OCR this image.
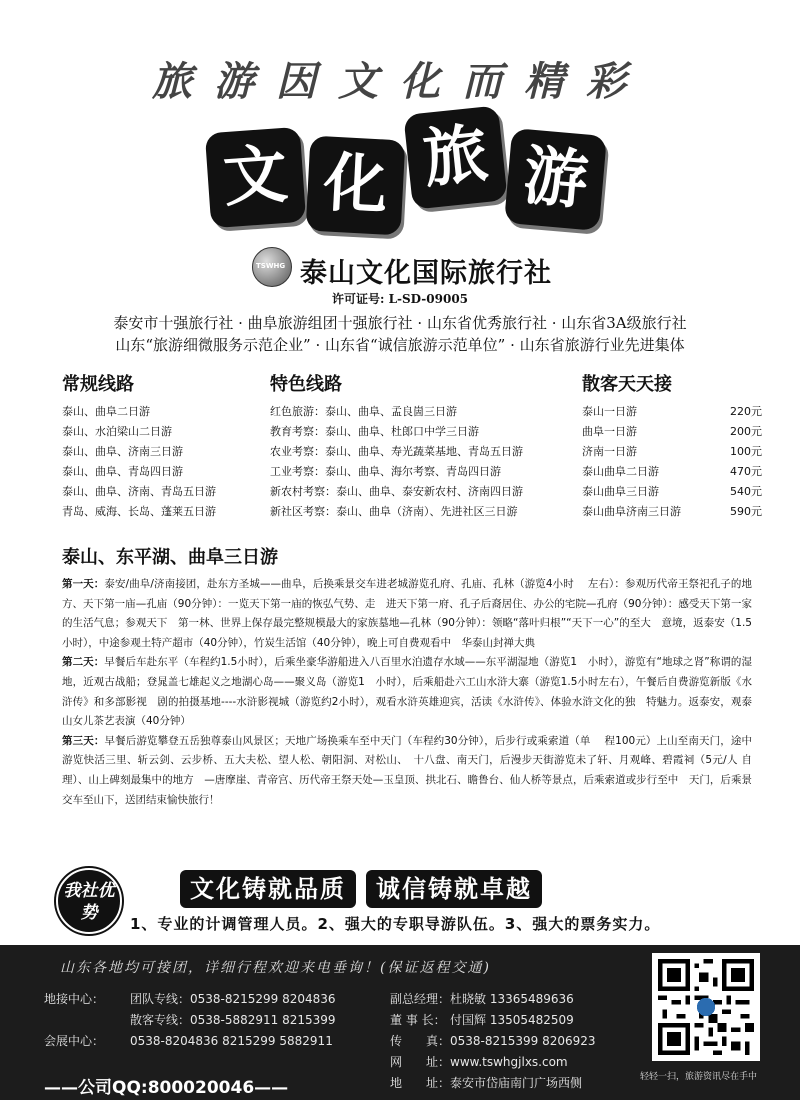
旅游因文化而精彩
文 化 旅 游
TSWHG
泰山文化国际旅行社
许可证号: L-SD-09005
泰安市十强旅行社 · 曲阜旅游组团十强旅行社 · 山东省优秀旅行社 · 山东省3A级旅行社
山东“旅游细微服务示范企业” · 山东省“诚信旅游示范单位” · 山东省旅游行业先进集体
常规线路
泰山、曲阜二日游
泰山、水泊梁山二日游
泰山、曲阜、济南三日游
泰山、曲阜、青岛四日游
泰山、曲阜、济南、青岛五日游
青岛、威海、长岛、蓬莱五日游
特色线路
红色旅游：泰山、曲阜、孟良崮三日游
教育考察：泰山、曲阜、杜郎口中学三日游
农业考察：泰山、曲阜、寿光蔬菜基地、青岛五日游
工业考察：泰山、曲阜、海尔考察、青岛四日游
新农村考察：泰山、曲阜、泰安新农村、济南四日游
新社区考察：泰山、曲阜（济南）、先进社区三日游
散客天天接
泰山一日游	220元
曲阜一日游	200元
济南一日游	100元
泰山曲阜二日游	470元
泰山曲阜三日游	540元
泰山曲阜济南三日游	590元
泰山、东平湖、曲阜三日游

第一天：泰安/曲阜/济南接团，赴东方圣城——曲阜，后换乘景交车进老城游览孔府、孔庙、孔林（游览4小时　 左右）：参观历代帝王祭祀孔子的地方、天下第一庙—孔庙（90分钟）：一览天下第一庙的恢弘气势、走　进天下第一府、孔子后裔居住、办公的宅院—孔府（90分钟）：感受天下第一家的生活气息；参观天下　第一林、世界上保存最完整规模最大的家族墓地—孔林（90分钟）：领略“落叶归根”“天下一心”的至大　意境，返泰安（1.5小时），中途参观土特产超市（40分钟），竹炭生活馆（40分钟），晚上可自费观看中　华泰山封禅大典

第二天：早餐后车赴东平（车程约1.5小时），后乘坐豪华游船进入八百里水泊遗存水域——东平湖湿地（游览1　小时），游览有“地球之肾”称谓的湿地，近观古战船；登晁盖七雄起义之地湖心岛——聚义岛（游览1　小时），后乘船赴六工山水浒大寨（游览1.5小时左右），午餐后自费游览新版《水浒传》和多部影视　剧的拍摄基地----水浒影视城（游览约2小时），观看水浒英雄迎宾，活读《水浒传》、体验水浒文化的独　特魅力。返泰安，观泰山女儿茶艺表演（40分钟）

第三天：早餐后游览攀登五岳独尊泰山风景区；天地广场换乘车至中天门（车程约30分钟），后步行或乘索道（单　 程100元）上山至南天门，途中游览快活三里、斩云剑、云步桥、五大夫松、望人松、朝阳洞、对松山、　十八盘、南天门，后漫步天街游览未了轩、月观峰、碧霞祠（5元/人 自理）、山上碑刻最集中的地方　—唐摩崖、青帝宫、历代帝王祭天处—玉皇顶、拱北石、瞻鲁台、仙人桥等景点，后乘索道或步行至中　天门，后乘景交车至山下，送团结束愉快旅行！

我社优势
文化铸就品质	诚信铸就卓越
1、专业的计调管理人员。2、强大的专职导游队伍。3、强大的票务实力。
山东各地均可接团，详细行程欢迎来电垂询！(保证返程交通)
地接中心：	团队专线：0538-8215299 8204836
散客专线：0538-5882911 8215399
会展中心：	0538-8204836 8215299 5882911
——公司QQ:800020046——
副总经理： 杜晓敏 13365489636
董 事 长： 付国辉 13505482509
传　　真： 0538-8215399 8206923
网　　址： www.tswhgjlxs.com
地　　址： 泰安市岱庙南门广场西侧	轻轻一扫，旅游资讯尽在手中
